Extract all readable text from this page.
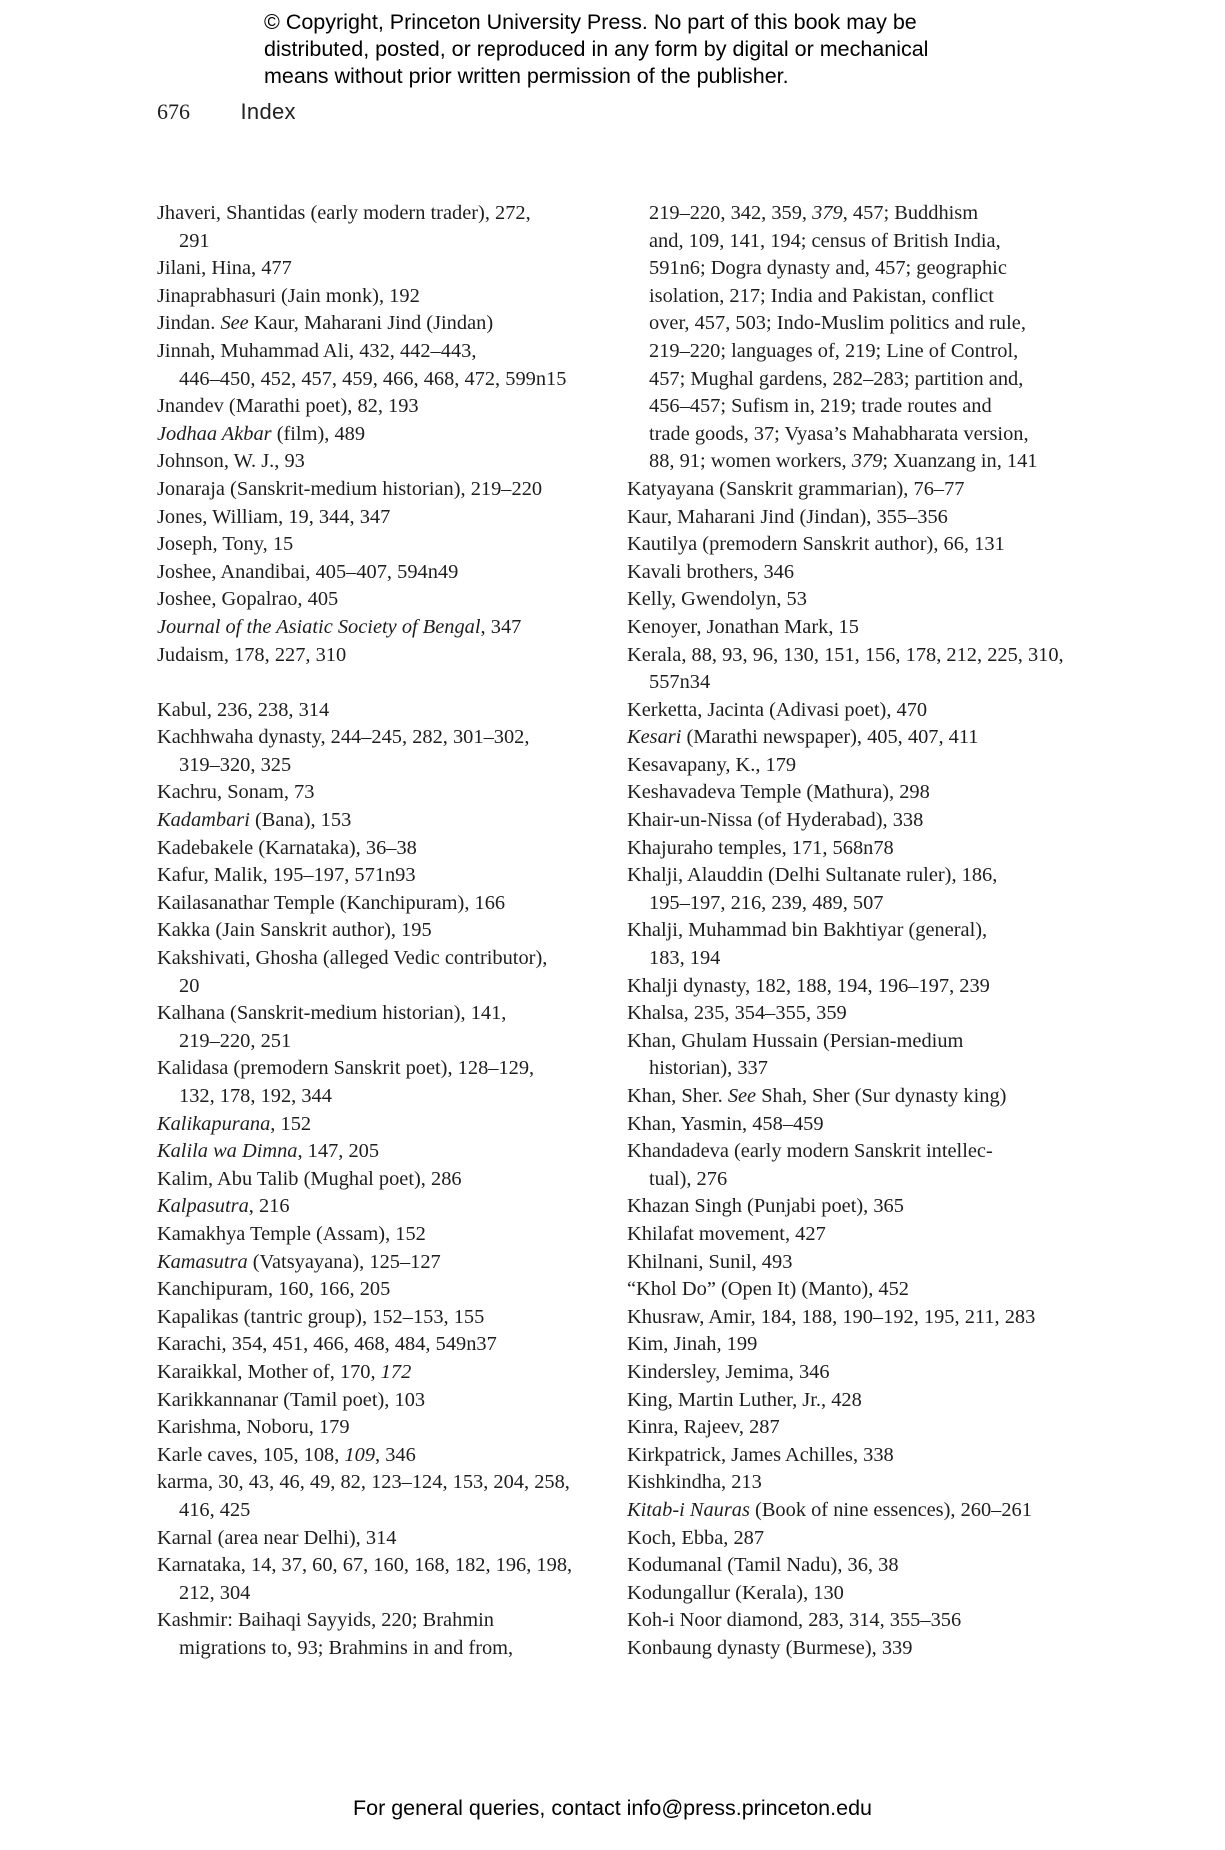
© Copyright, Princeton University Press. No part of this book may be
distributed, posted, or reproduced in any form by digital or mechanical
means without prior written permission of the publisher.
676 Index
Jhaveri, Shantidas (early modern trader), 272,
291
Jilani, Hina, 477
Jinaprabhasuri (Jain monk), 192
Jindan. See Kaur, Maharani Jind (Jindan)
Jinnah, Muhammad Ali, 432, 442–443,
446–450, 452, 457, 459, 466, 468, 472, 599n15
Jnandev (Marathi poet), 82, 193
Jodhaa Akbar (film), 489
Johnson, W. J., 93
Jonaraja (Sanskrit-medium historian), 219–220
Jones, William, 19, 344, 347
Joseph, Tony, 15
Joshee, Anandibai, 405–407, 594n49
Joshee, Gopalrao, 405
Journal of the Asiatic Society of Bengal, 347
Judaism, 178, 227, 310
Kabul, 236, 238, 314
Kachhwaha dynasty, 244–245, 282, 301–302,
319–320, 325
Kachru, Sonam, 73
Kadambari (Bana), 153
Kadebakele (Karnataka), 36–38
Kafur, Malik, 195–197, 571n93
Kailasanathar Temple (Kanchipuram), 166
Kakka (Jain Sanskrit author), 195
Kakshivati, Ghosha (alleged Vedic contributor),
20
Kalhana (Sanskrit-medium historian), 141,
219–220, 251
Kalidasa (premodern Sanskrit poet), 128–129,
132, 178, 192, 344
Kalikapurana, 152
Kalila wa Dimna, 147, 205
Kalim, Abu Talib (Mughal poet), 286
Kalpasutra, 216
Kamakhya Temple (Assam), 152
Kamasutra (Vatsyayana), 125–127
Kanchipuram, 160, 166, 205
Kapalikas (tantric group), 152–153, 155
Karachi, 354, 451, 466, 468, 484, 549n37
Karaikkal, Mother of, 170, 172
Karikkannanar (Tamil poet), 103
Karishma, Noboru, 179
Karle caves, 105, 108, 109, 346
karma, 30, 43, 46, 49, 82, 123–124, 153, 204, 258,
416, 425
Karnal (area near Delhi), 314
Karnataka, 14, 37, 60, 67, 160, 168, 182, 196, 198,
212, 304
Kashmir: Baihaqi Sayyids, 220; Brahmin
migrations to, 93; Brahmins in and from,
219–220, 342, 359, 379, 457; Buddhism
and, 109, 141, 194; census of British India,
591n6; Dogra dynasty and, 457; geographic
isolation, 217; India and Pakistan, conflict
over, 457, 503; Indo-Muslim politics and rule,
219–220; languages of, 219; Line of Control,
457; Mughal gardens, 282–283; partition and,
456–457; Sufism in, 219; trade routes and
trade goods, 37; Vyasa’s Mahabharata version,
88, 91; women workers, 379; Xuanzang in, 141
Katyayana (Sanskrit grammarian), 76–77
Kaur, Maharani Jind (Jindan), 355–356
Kautilya (premodern Sanskrit author), 66, 131
Kavali brothers, 346
Kelly, Gwendolyn, 53
Kenoyer, Jonathan Mark, 15
Kerala, 88, 93, 96, 130, 151, 156, 178, 212, 225, 310,
557n34
Kerketta, Jacinta (Adivasi poet), 470
Kesari (Marathi newspaper), 405, 407, 411
Kesavapany, K., 179
Keshavadeva Temple (Mathura), 298
Khair-un-Nissa (of Hyderabad), 338
Khajuraho temples, 171, 568n78
Khalji, Alauddin (Delhi Sultanate ruler), 186,
195–197, 216, 239, 489, 507
Khalji, Muhammad bin Bakhtiyar (general),
183, 194
Khalji dynasty, 182, 188, 194, 196–197, 239
Khalsa, 235, 354–355, 359
Khan, Ghulam Hussain (Persian-medium
historian), 337
Khan, Sher. See Shah, Sher (Sur dynasty king)
Khan, Yasmin, 458–459
Khandadeva (early modern Sanskrit intellec-
tual), 276
Khazan Singh (Punjabi poet), 365
Khilafat movement, 427
Khilnani, Sunil, 493
“Khol Do” (Open It) (Manto), 452
Khusraw, Amir, 184, 188, 190–192, 195, 211, 283
Kim, Jinah, 199
Kindersley, Jemima, 346
King, Martin Luther, Jr., 428
Kinra, Rajeev, 287
Kirkpatrick, James Achilles, 338
Kishkindha, 213
Kitab-i Nauras (Book of nine essences), 260–261
Koch, Ebba, 287
Kodumanal (Tamil Nadu), 36, 38
Kodungallur (Kerala), 130
Koh-i Noor diamond, 283, 314, 355–356
Konbaung dynasty (Burmese), 339
For general queries, contact info@press.princeton.edu
